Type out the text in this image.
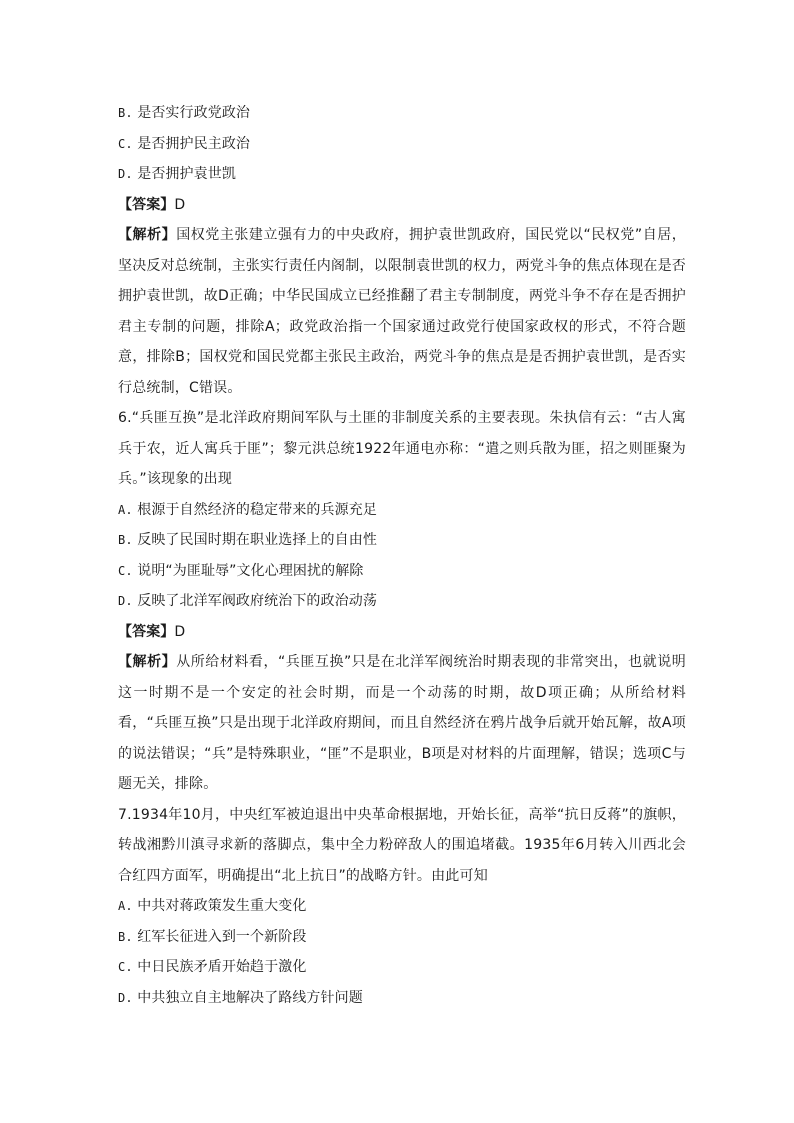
B. 是否实行政党政治
C. 是否拥护民主政治
D. 是否拥护袁世凯
【答案】D
【解析】国权党主张建立强有力的中央政府，拥护袁世凯政府，国民党以“民权党”自居，坚决反对总统制，主张实行责任内阁制，以限制袁世凯的权力，两党斗争的焦点体现在是否拥护袁世凯，故D正确；中华民国成立已经推翻了君主专制制度，两党斗争不存在是否拥护君主专制的问题，排除A；政党政治指一个国家通过政党行使国家政权的形式，不符合题意，排除B；国权党和国民党都主张民主政治，两党斗争的焦点是是否拥护袁世凯，是否实行总统制，C错误。
6.“兵匪互换”是北洋政府期间军队与土匪的非制度关系的主要表现。朱执信有云：“古人寓兵于农，近人寓兵于匪”；黎元洪总统1922年通电亦称：“遣之则兵散为匪，招之则匪聚为兵。”该现象的出现
A. 根源于自然经济的稳定带来的兵源充足
B. 反映了民国时期在职业选择上的自由性
C. 说明“为匪耻辱”文化心理困扰的解除
D. 反映了北洋军阀政府统治下的政治动荡
【答案】D
【解析】从所给材料看，“兵匪互换”只是在北洋军阀统治时期表现的非常突出，也就说明这一时期不是一个安定的社会时期，而是一个动荡的时期，故D项正确；从所给材料看，“兵匪互换”只是出现于北洋政府期间，而且自然经济在鸦片战争后就开始瓦解，故A项的说法错误；“兵”是特殊职业，“匪”不是职业，B项是对材料的片面理解，错误；选项C与题无关，排除。
7.1934年10月，中央红军被迫退出中央革命根据地，开始长征，高举“抗日反蒋”的旗帜，转战湘黔川滇寻求新的落脚点，集中全力粉碎敌人的围追堵截。1935年6月转入川西北会合红四方面军，明确提出“北上抗日”的战略方针。由此可知
A. 中共对蒋政策发生重大变化
B. 红军长征进入到一个新阶段
C. 中日民族矛盾开始趋于激化
D. 中共独立自主地解决了路线方针问题
